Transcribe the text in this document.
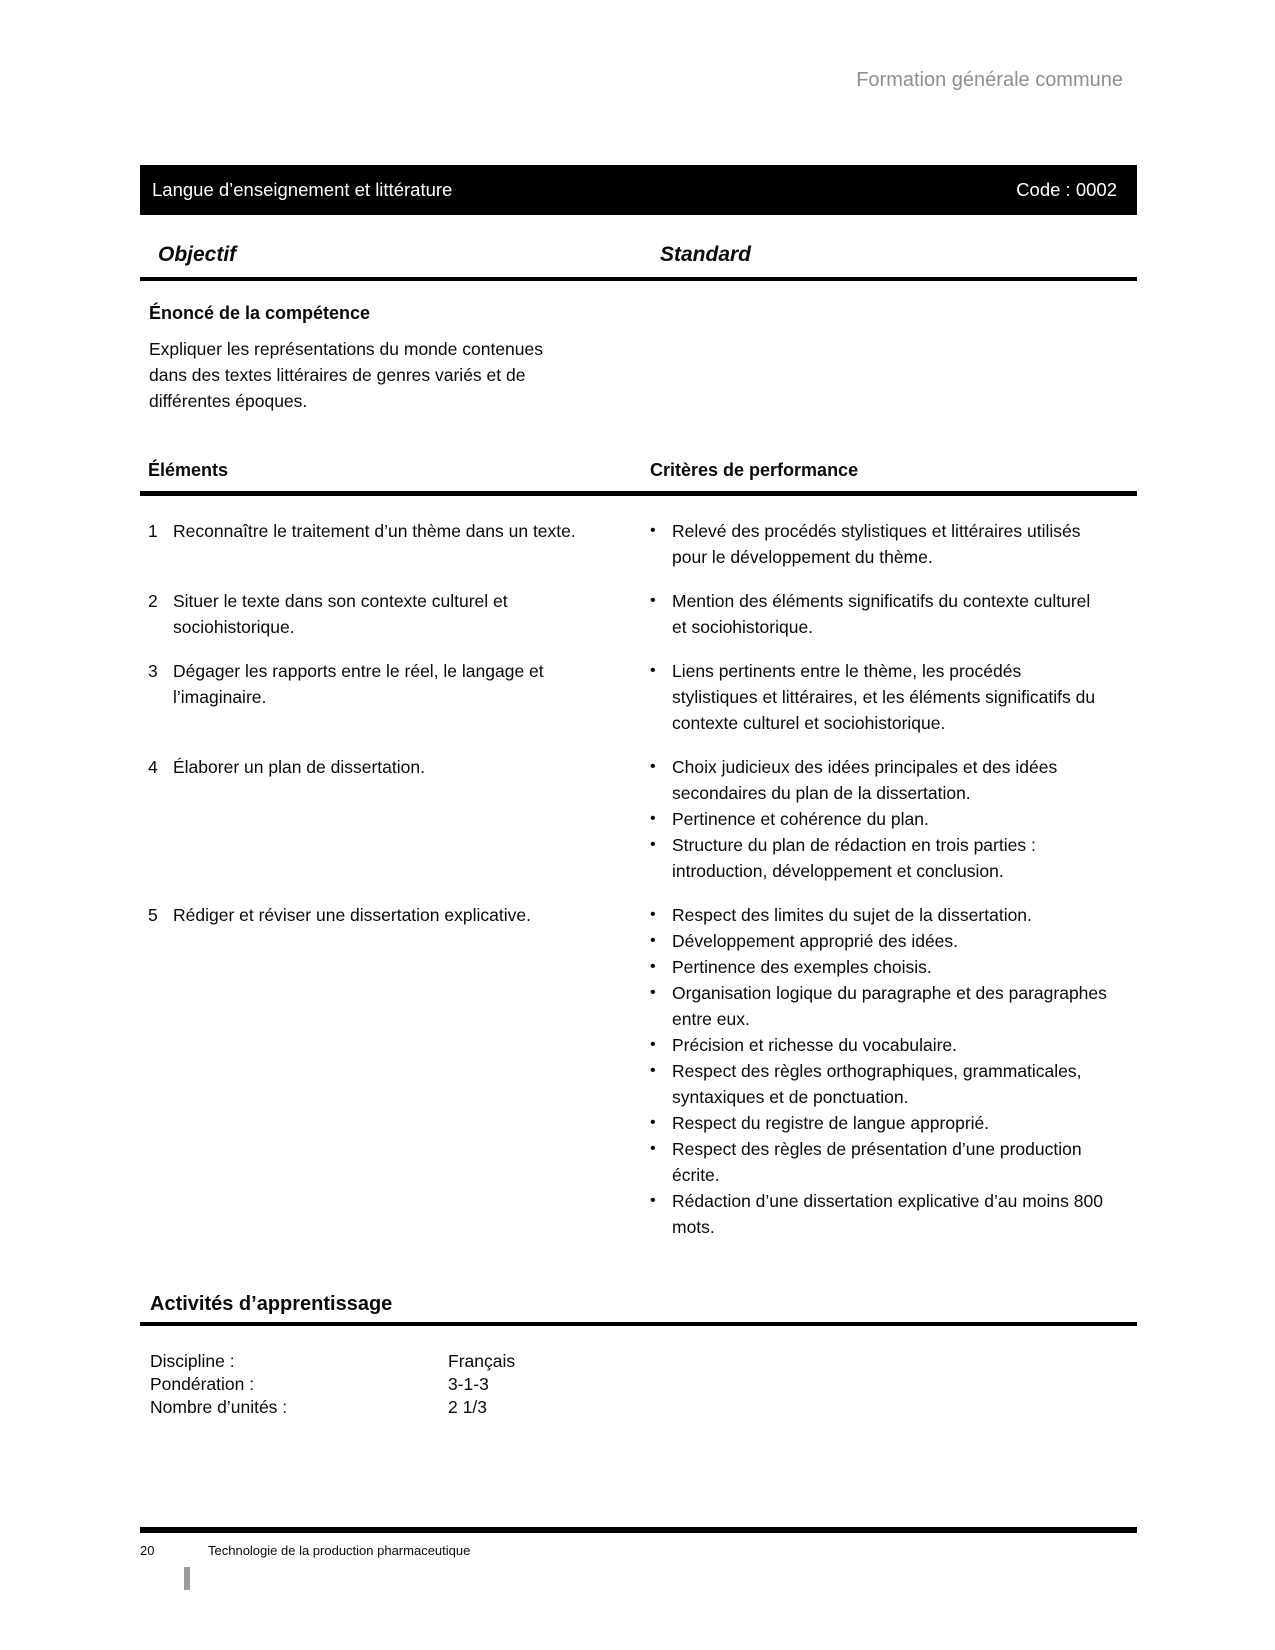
Formation générale commune
Langue d’enseignement et littérature	Code : 0002
Objectif	Standard
Énoncé de la compétence

Expliquer les représentations du monde contenues dans des textes littéraires de genres variés et de différentes époques.

Éléments	Critères de performance
1 Reconnaître le traitement d’un thème dans un texte.	• Relevé des procédés stylistiques et littéraires utilisés pour le développement du thème.
2 Situer le texte dans son contexte culturel et sociohistorique.
• Mention des éléments significatifs du contexte culturel et sociohistorique.
3 Dégager les rapports entre le réel, le langage et l’imaginaire.
• Liens pertinents entre le thème, les procédés stylistiques et littéraires, et les éléments significatifs du contexte culturel et sociohistorique.
4 Élaborer un plan de dissertation.	• Choix judicieux des idées principales et des idées secondaires du plan de la dissertation.
• Pertinence et cohérence du plan.
• Structure du plan de rédaction en trois parties : introduction, développement et conclusion.
5 Rédiger et réviser une dissertation explicative.	• Respect des limites du sujet de la dissertation.
• Développement approprié des idées.
• Pertinence des exemples choisis.
• Organisation logique du paragraphe et des paragraphes entre eux.
• Précision et richesse du vocabulaire.
• Respect des règles orthographiques, grammaticales, syntaxiques et de ponctuation.
• Respect du registre de langue approprié.
• Respect des règles de présentation d’une production écrite.
• Rédaction d’une dissertation explicative d’au moins 800 mots.
Activités d’apprentissage
Discipline :	Français
Pondération :	3-1-3
Nombre d’unités :	2 1/3
20	Technologie de la production pharmaceutique
